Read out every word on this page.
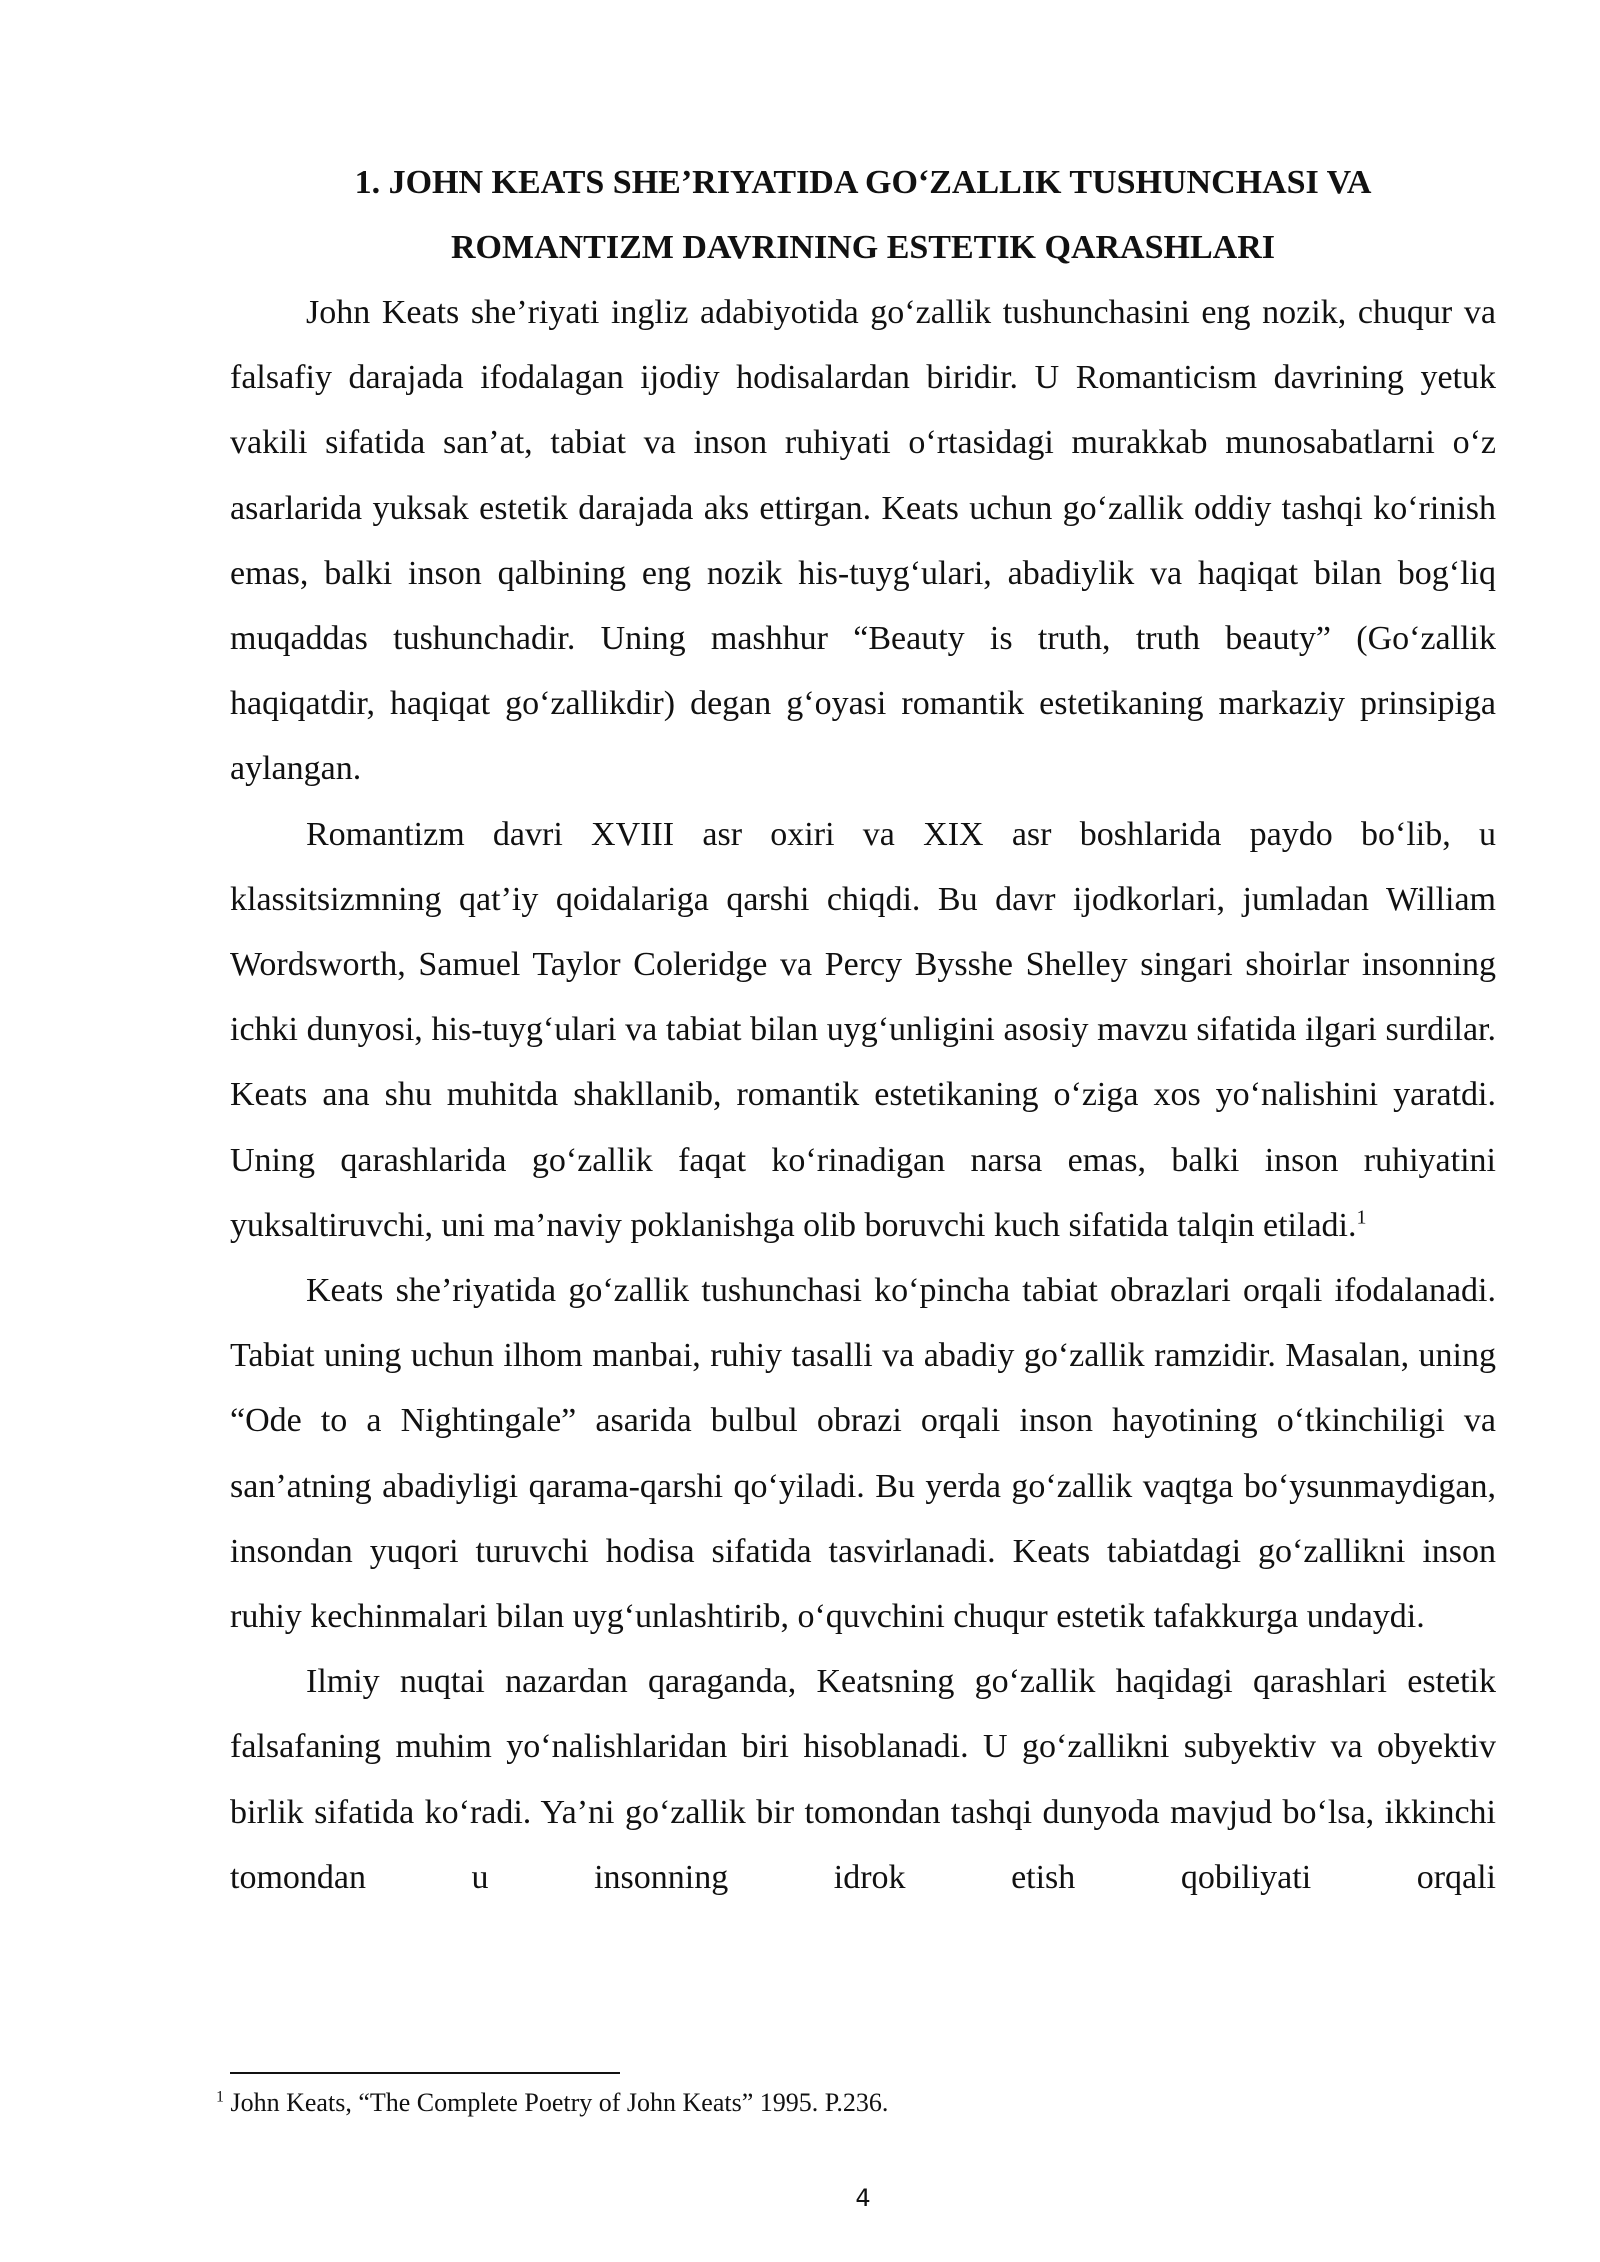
1. JOHN KEATS SHE’RIYATIDA GO‘ZALLIK TUSHUNCHASI VA
ROMANTIZM DAVRINING ESTETIK QARASHLARI

John Keats she’riyati ingliz adabiyotida go‘zallik tushunchasini eng nozik, chuqur va falsafiy darajada ifodalagan ijodiy hodisalardan biridir. U Romanticism davrining yetuk vakili sifatida san’at, tabiat va inson ruhiyati o‘rtasidagi murakkab munosabatlarni o‘z asarlarida yuksak estetik darajada aks ettirgan. Keats uchun go‘zallik oddiy tashqi ko‘rinish emas, balki inson qalbining eng nozik his-tuyg‘ulari, abadiylik va haqiqat bilan bog‘liq muqaddas tushunchadir. Uning mashhur “Beauty is truth, truth beauty” (Go‘zallik haqiqatdir, haqiqat go‘zallikdir) degan g‘oyasi romantik estetikaning markaziy prinsipiga aylangan.

Romantizm davri XVIII asr oxiri va XIX asr boshlarida paydo bo‘lib, u klassitsizmning qat’iy qoidalariga qarshi chiqdi. Bu davr ijodkorlari, jumladan William Wordsworth, Samuel Taylor Coleridge va Percy Bysshe Shelley singari shoirlar insonning ichki dunyosi, his-tuyg‘ulari va tabiat bilan uyg‘unligini asosiy mavzu sifatida ilgari surdilar. Keats ana shu muhitda shakllanib, romantik estetikaning o‘ziga xos yo‘nalishini yaratdi. Uning qarashlarida go‘zallik faqat ko‘rinadigan narsa emas, balki inson ruhiyatini yuksaltiruvchi, uni ma’naviy poklanishga olib boruvchi kuch sifatida talqin etiladi.$^1$

Keats she’riyatida go‘zallik tushunchasi ko‘pincha tabiat obrazlari orqali ifodalanadi. Tabiat uning uchun ilhom manbai, ruhiy tasalli va abadiy go‘zallik ramzidir. Masalan, uning “Ode to a Nightingale” asarida bulbul obrazi orqali inson hayotining o‘tkinchiligi va san’atning abadiyligi qarama-qarshi qo‘yiladi. Bu yerda go‘zallik vaqtga bo‘ysunmaydigan, insondan yuqori turuvchi hodisa sifatida tasvirlanadi. Keats tabiatdagi go‘zallikni inson ruhiy kechinmalari bilan uyg‘unlashtirib, o‘quvchini chuqur estetik tafakkurga undaydi.

Ilmiy nuqtai nazardan qaraganda, Keatsning go‘zallik haqidagi qarashlari estetik falsafaning muhim yo‘nalishlaridan biri hisoblanadi. U go‘zallikni subyektiv va obyektiv birlik sifatida ko‘radi. Ya’ni go‘zallik bir tomondan tashqi dunyoda mavjud bo‘lsa, ikkinchi tomondan u insonning idrok etish qobiliyati orqali

$^1$ John Keats, “The Complete Poetry of John Keats” 1995. P.236.
4
